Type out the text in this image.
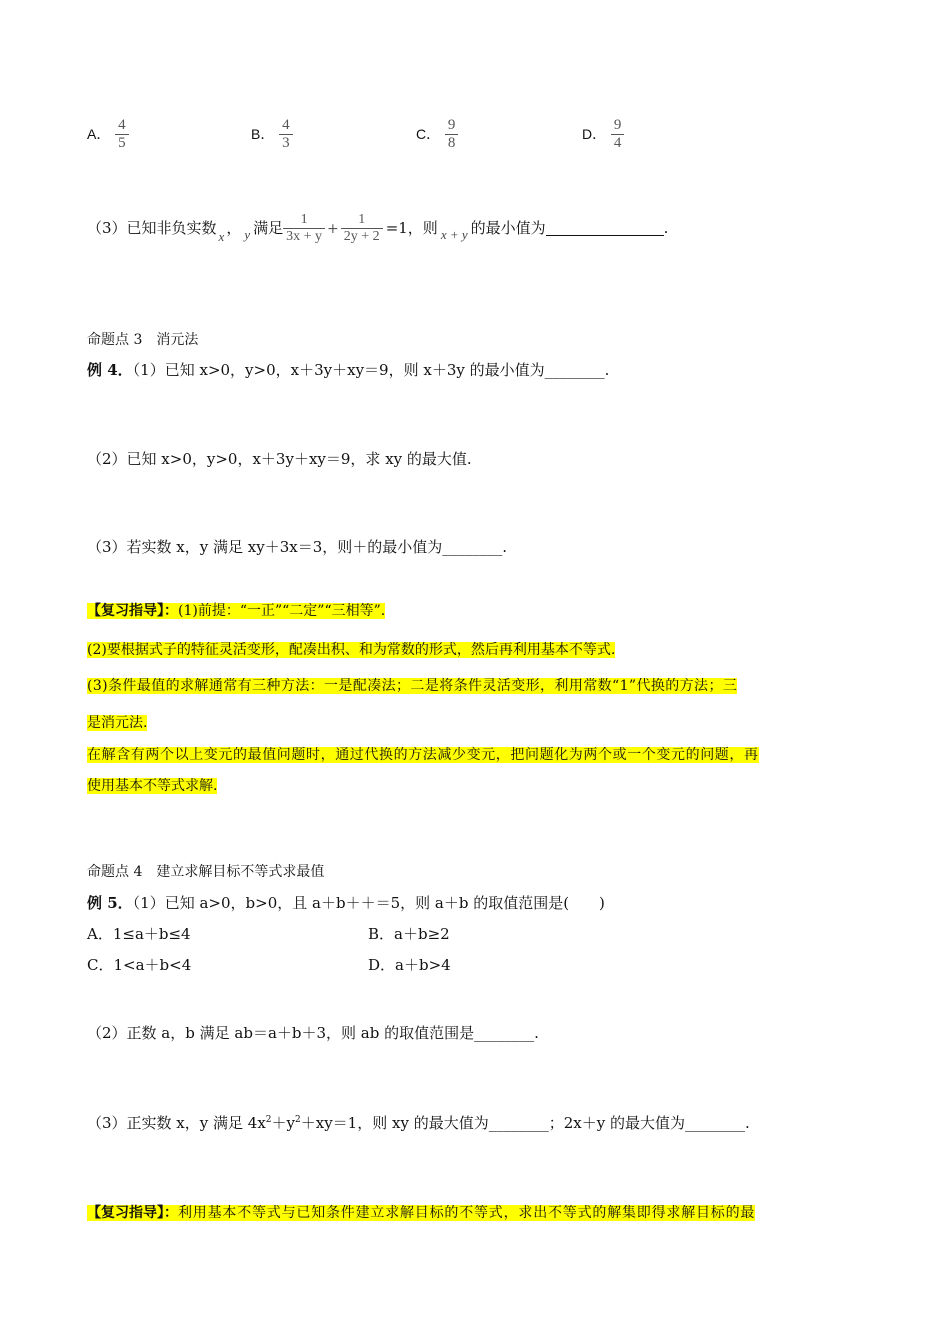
A． $\frac{4}{5}$	B． $\frac{4}{3}$	C． $\frac{9}{8}$	D． $\frac{9}{4}$
（3）已知非负实数 x ， y 满足 $\frac{1}{3x + y} + \frac{1}{2y + 2} =1$，则 x + y 的最小值为	.
命题点 3　消元法
例 4．（1）已知 x>0，y>0，x＋3y＋xy＝9，则 x＋3y 的最小值为________.
（2）已知 x>0，y>0，x＋3y＋xy＝9，求 xy 的最大值.
（3）若实数 x，y 满足 xy＋3x＝3，则＋的最小值为________.
【复习指导】：(1)前提：“一正”“二定”“三相等”.
(2)要根据式子的特征灵活变形，配凑出积、和为常数的形式，然后再利用基本不等式.
(3)条件最值的求解通常有三种方法：一是配凑法；二是将条件灵活变形，利用常数“1”代换的方法；三
是消元法.
在解含有两个以上变元的最值问题时，通过代换的方法减少变元，把问题化为两个或一个变元的问题，再
使用基本不等式求解.
命题点 4　建立求解目标不等式求最值
例 5．（1）已知 a>0，b>0，且 a＋b＋＋＝5，则 a＋b 的取值范围是(　　)
A．1≤a＋b≤4	B．a＋b≥2
C．1<a＋b<4	D．a＋b>4
（2）正数 a，b 满足 ab＝a＋b＋3，则 ab 的取值范围是________.
（3）正实数 x，y 满足 $4x^2+y^2+xy=1$，则 xy 的最大值为________；2x＋y 的最大值为________.
【复习指导】：利用基本不等式与已知条件建立求解目标的不等式，求出不等式的解集即得求解目标的最
